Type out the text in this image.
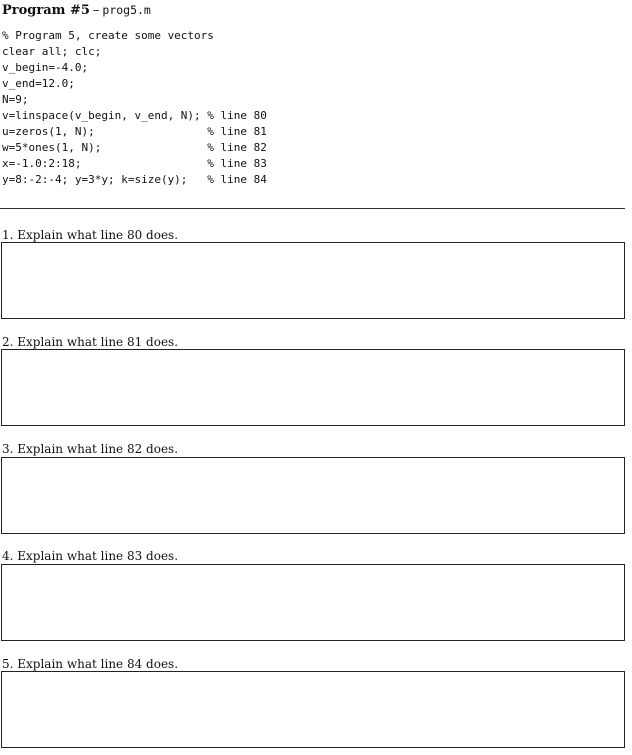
Program #5 – prog5.m
% Program 5, create some vectors
clear all; clc;
v_begin=-4.0;
v_end=12.0;
N=9;
v=linspace(v_begin, v_end, N); % line 80
u=zeros(1, N);                 % line 81
w=5*ones(1, N);                % line 82
x=-1.0:2:18;                   % line 83
y=8:-2:-4; y=3*y; k=size(y);   % line 84
1. Explain what line 80 does.
2. Explain what line 81 does.
3. Explain what line 82 does.
4. Explain what line 83 does.
5. Explain what line 84 does.
